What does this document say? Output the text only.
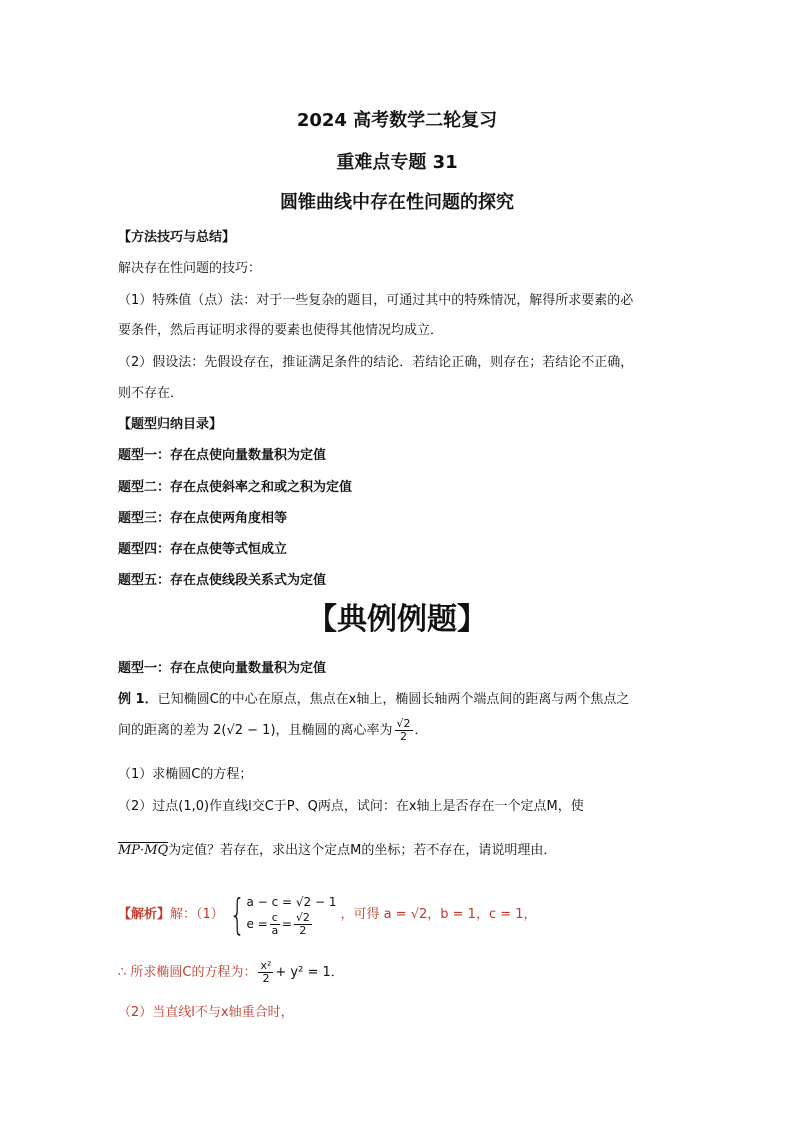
2024 高考数学二轮复习
重难点专题 31
圆锥曲线中存在性问题的探究
【方法技巧与总结】
解决存在性问题的技巧：
（1）特殊值（点）法：对于一些复杂的题目，可通过其中的特殊情况，解得所求要素的必
要条件，然后再证明求得的要素也使得其他情况均成立．
（2）假设法：先假设存在，推证满足条件的结论．若结论正确，则存在；若结论不正确，
则不存在．
【题型归纳目录】
题型一：存在点使向量数量积为定值
题型二：存在点使斜率之和或之积为定值
题型三：存在点使两角度相等
题型四：存在点使等式恒成立
题型五：存在点使线段关系式为定值
【典例例题】
题型一：存在点使向量数量积为定值
例 1．已知椭圆C的中心在原点，焦点在x轴上，椭圆长轴两个端点间的距离与两个焦点之
间的距离的差为 2(√2 − 1)，且椭圆的离心率为 $\frac{√2}{2}$ ．
（1）求椭圆C的方程；
（2）过点(1,0)作直线l交C于P、Q两点，试问：在x轴上是否存在一个定点M，使
MP·MQ为定值？若存在，求出这个定点M的坐标；若不存在，请说明理由．
【解析】解：（1） { a − c = √2 − 1
$e = \frac{c}{a} = \frac{√2}{2}$ ，可得 a = √2，b = 1，c = 1，
∴ 所求椭圆C的方程为： $\frac{\text{x²}}{2} + y^2 = 1$．
（2）当直线l不与x轴重合时，
